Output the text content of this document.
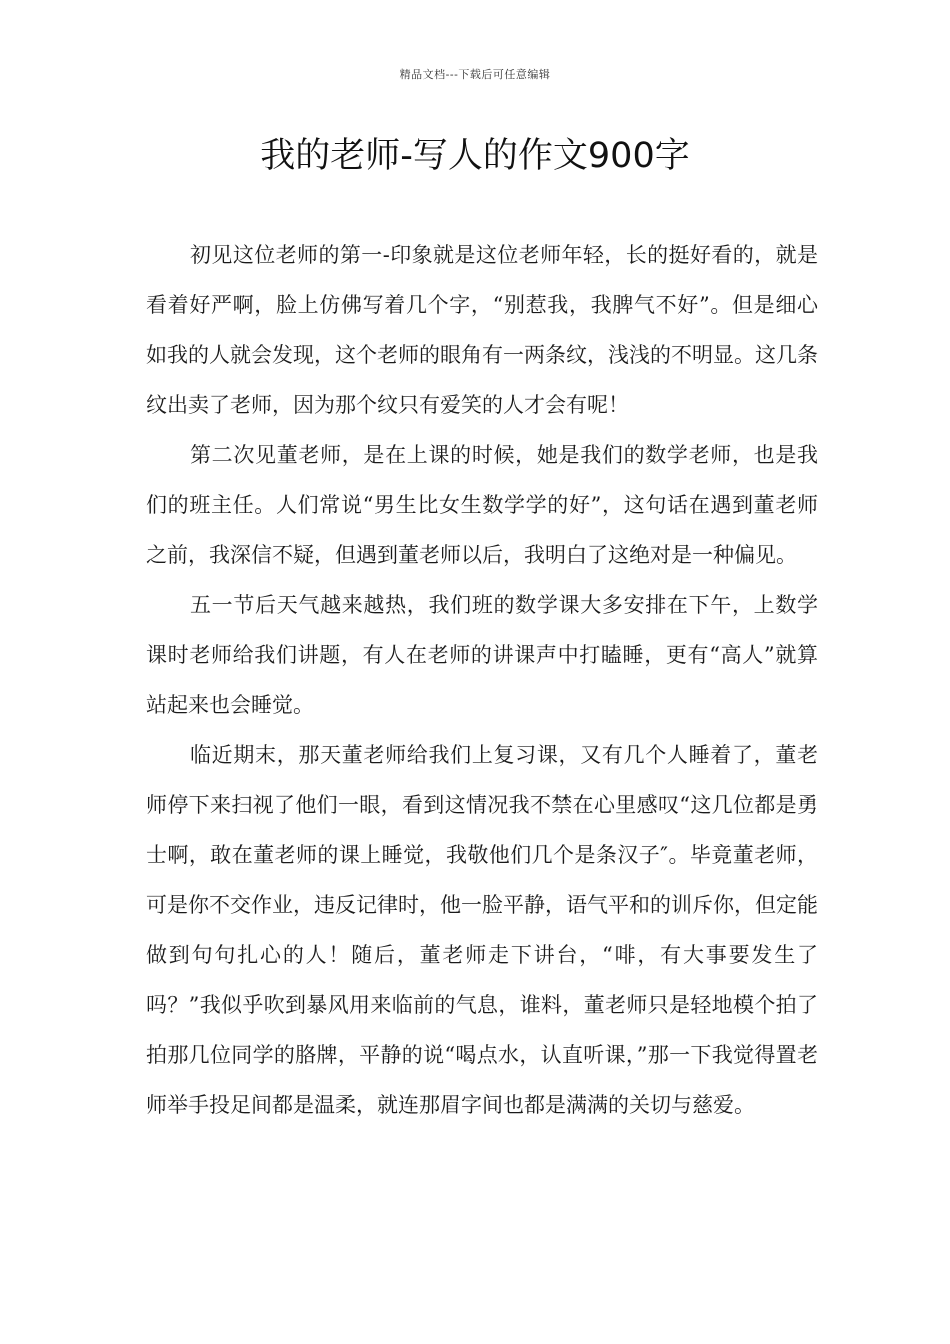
精品文档---下载后可任意编辑
我的老师-写人的作文900字

初见这位老师的第一-印象就是这位老师年轻，长的挺好看的，就是看着好严啊，脸上仿佛写着几个字，“别惹我，我脾气不好”。但是细心如我的人就会发现，这个老师的眼角有一两条纹，浅浅的不明显。这几条纹出卖了老师，因为那个纹只有爱笑的人才会有呢！

第二次见董老师，是在上课的时候，她是我们的数学老师，也是我们的班主任。人们常说“男生比女生数学学的好”，这句话在遇到董老师之前，我深信不疑，但遇到董老师以后，我明白了这绝对是一种偏见。

五一节后天气越来越热，我们班的数学课大多安排在下午，上数学课时老师给我们讲题，有人在老师的讲课声中打瞌睡，更有“高人”就算站起来也会睡觉。

临近期末，那天董老师给我们上复习课，又有几个人睡着了，董老师停下来扫视了他们一眼，看到这情况我不禁在心里感叹“这几位都是勇士啊，敢在董老师的课上睡觉，我敬他们几个是条汉子″。毕竟董老师，可是你不交作业，违反记律时，他一脸平静，语气平和的训斥你，但定能做到句句扎心的人！随后，董老师走下讲台，“啡，有大事要发生了吗？”我似乎吹到暴风用来临前的气息，谁料，董老师只是轻地模个拍了拍那几位同学的胳牌，平静的说“喝点水，认直听课，”那一下我觉得置老师举手投足间都是温柔，就连那眉字间也都是满满的关切与慈爱。
